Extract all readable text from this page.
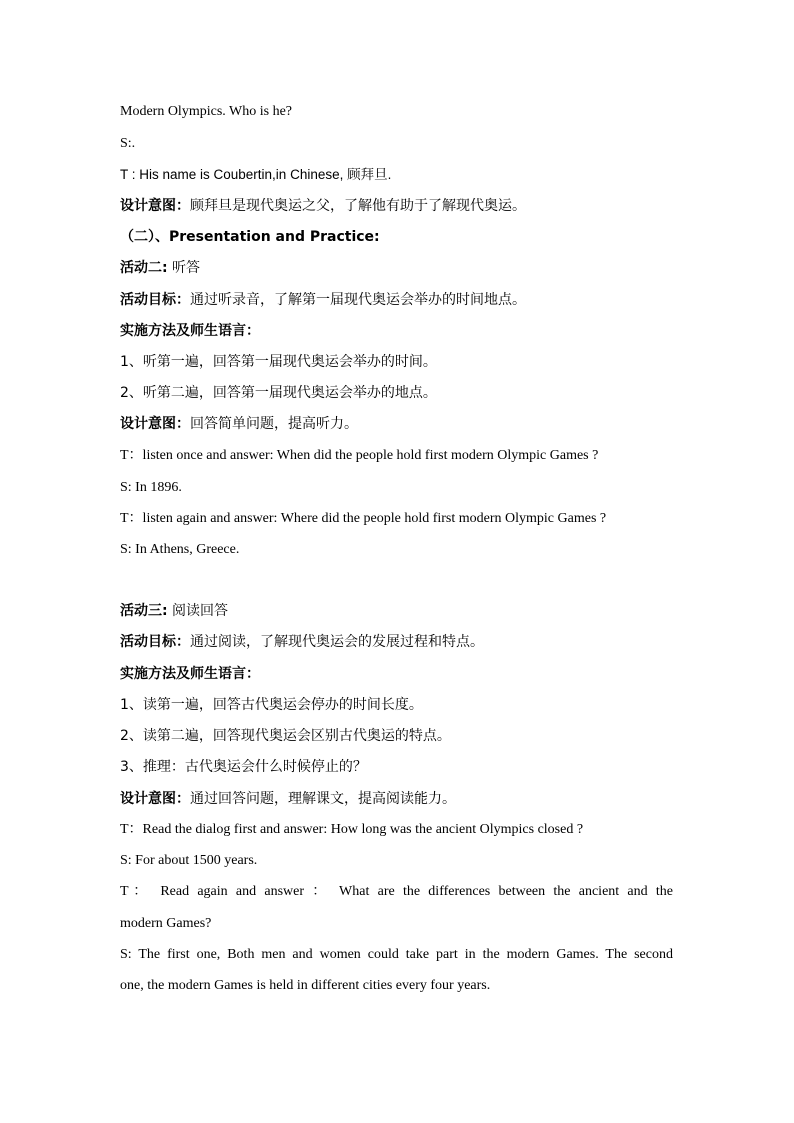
Modern Olympics. Who is he?
S:.
T : His name is Coubertin,in Chinese, 顾拜旦.
设计意图：顾拜旦是现代奥运之父，了解他有助于了解现代奥运。
（二）、Presentation and Practice:
活动二: 听答
活动目标：通过听录音，了解第一届现代奥运会举办的时间地点。
实施方法及师生语言：
1、听第一遍，回答第一届现代奥运会举办的时间。
2、听第二遍，回答第一届现代奥运会举办的地点。
设计意图：回答简单问题，提高听力。
T：listen once and answer: When did the people hold first modern Olympic Games ?
S: In 1896.
T：listen again and answer: Where did the people hold first modern Olympic Games ?
S: In Athens, Greece.
活动三: 阅读回答
活动目标：通过阅读，了解现代奥运会的发展过程和特点。
实施方法及师生语言：
1、读第一遍，回答古代奥运会停办的时间长度。
2、读第二遍，回答现代奥运会区别古代奥运的特点。
3、推理：古代奥运会什么时候停止的？
设计意图：通过回答问题，理解课文，提高阅读能力。
T：Read the dialog first and answer: How long was the ancient Olympics closed ?
S: For about 1500 years.
T： Read again and answer ： What are the differences between the ancient and the
modern Games?
S: The first one, Both men and women could take part in the modern Games. The second
one, the modern Games is held in different cities every four years.
